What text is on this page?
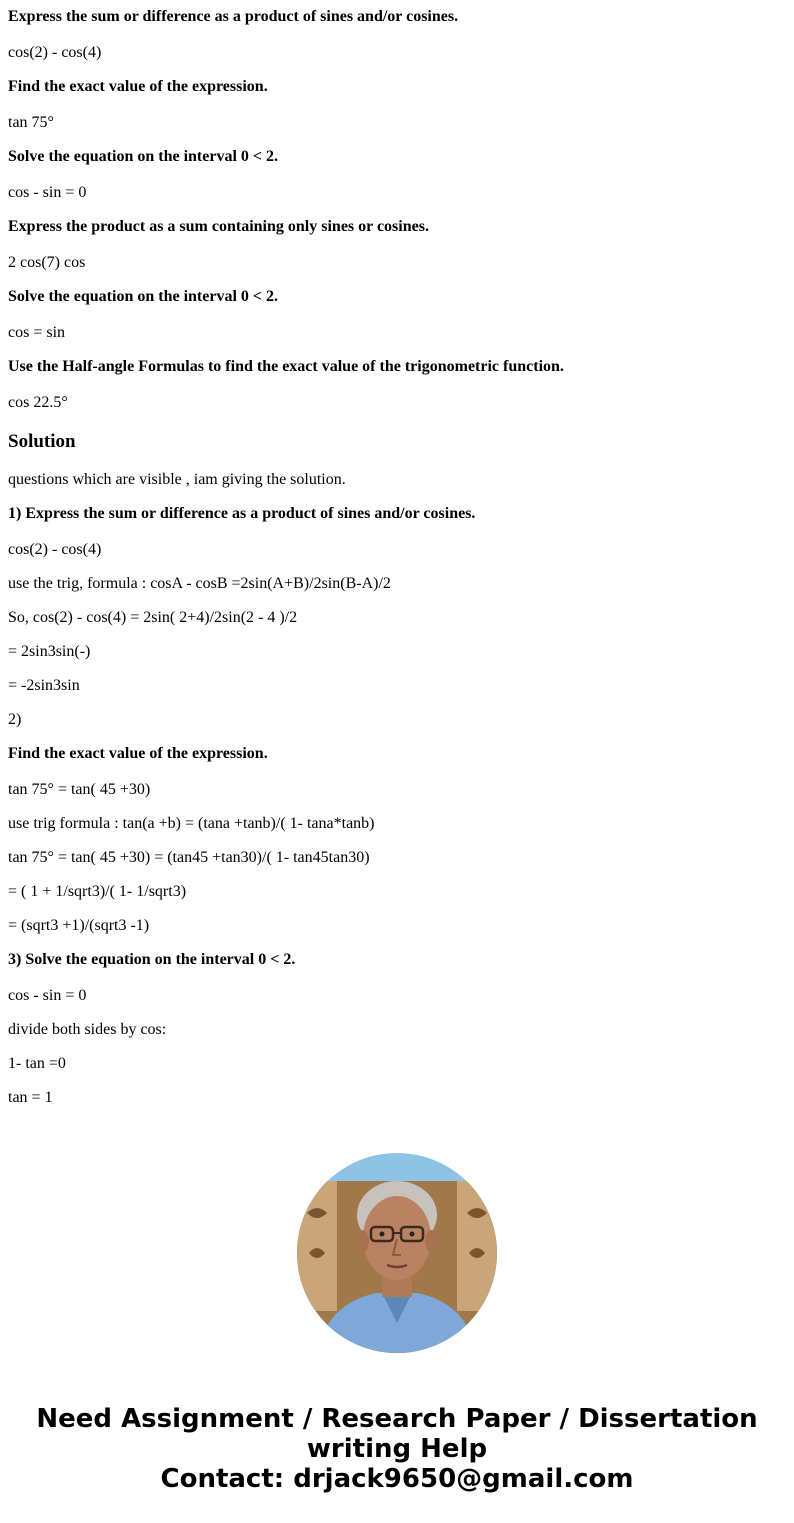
Express the sum or difference as a product of sines and/or cosines.
cos(2) - cos(4)
Find the exact value of the expression.
tan 75°
Solve the equation on the interval 0 < 2.
cos - sin = 0
Express the product as a sum containing only sines or cosines.
2 cos(7) cos
Solve the equation on the interval 0 < 2.
cos = sin
Use the Half-angle Formulas to find the exact value of the trigonometric function.
cos 22.5°
Solution
questions which are visible , iam giving the solution.
1) Express the sum or difference as a product of sines and/or cosines.
cos(2) - cos(4)
use the trig, formula : cosA - cosB =2sin(A+B)/2sin(B-A)/2
So, cos(2) - cos(4) = 2sin( 2+4)/2sin(2 - 4 )/2
= 2sin3sin(-)
= -2sin3sin
2)
Find the exact value of the expression.
tan 75° = tan( 45 +30)
use trig formula : tan(a +b) = (tana +tanb)/( 1- tana*tanb)
tan 75° = tan( 45 +30) = (tan45 +tan30)/( 1- tan45tan30)
= ( 1 + 1/sqrt3)/( 1- 1/sqrt3)
= (sqrt3 +1)/(sqrt3 -1)
3) Solve the equation on the interval 0 < 2.
cos - sin = 0
divide both sides by cos:
1- tan =0
tan = 1
Need Assignment / Research Paper / Dissertation
writing Help
Contact: drjack9650@gmail.com
